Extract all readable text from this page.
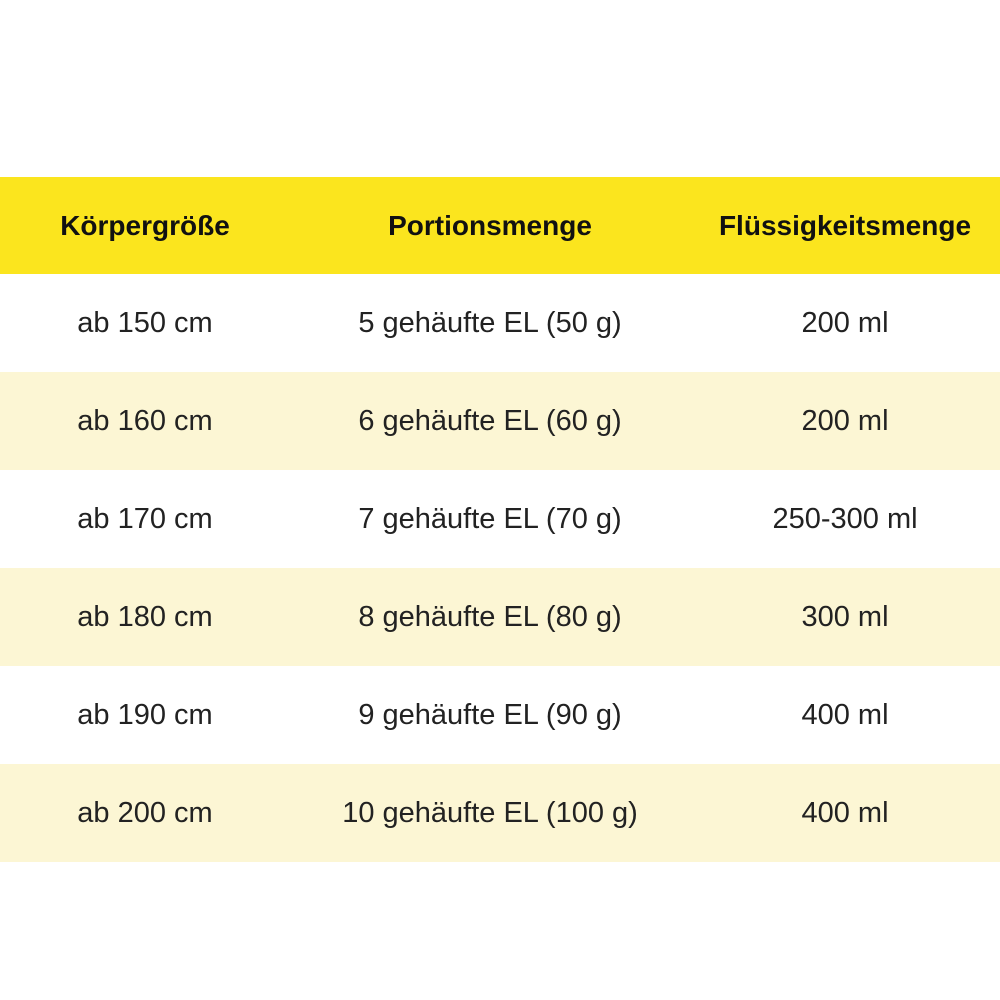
Körpergröße	Portionsmenge	Flüssigkeitsmenge
ab 150 cm	5 gehäufte EL (50 g)	200 ml
ab 160 cm	6 gehäufte EL (60 g)	200 ml
ab 170 cm	7 gehäufte EL (70 g)	250-300 ml
ab 180 cm	8 gehäufte EL (80 g)	300 ml
ab 190 cm	9 gehäufte EL (90 g)	400 ml
ab 200 cm	10 gehäufte EL (100 g)	400 ml
